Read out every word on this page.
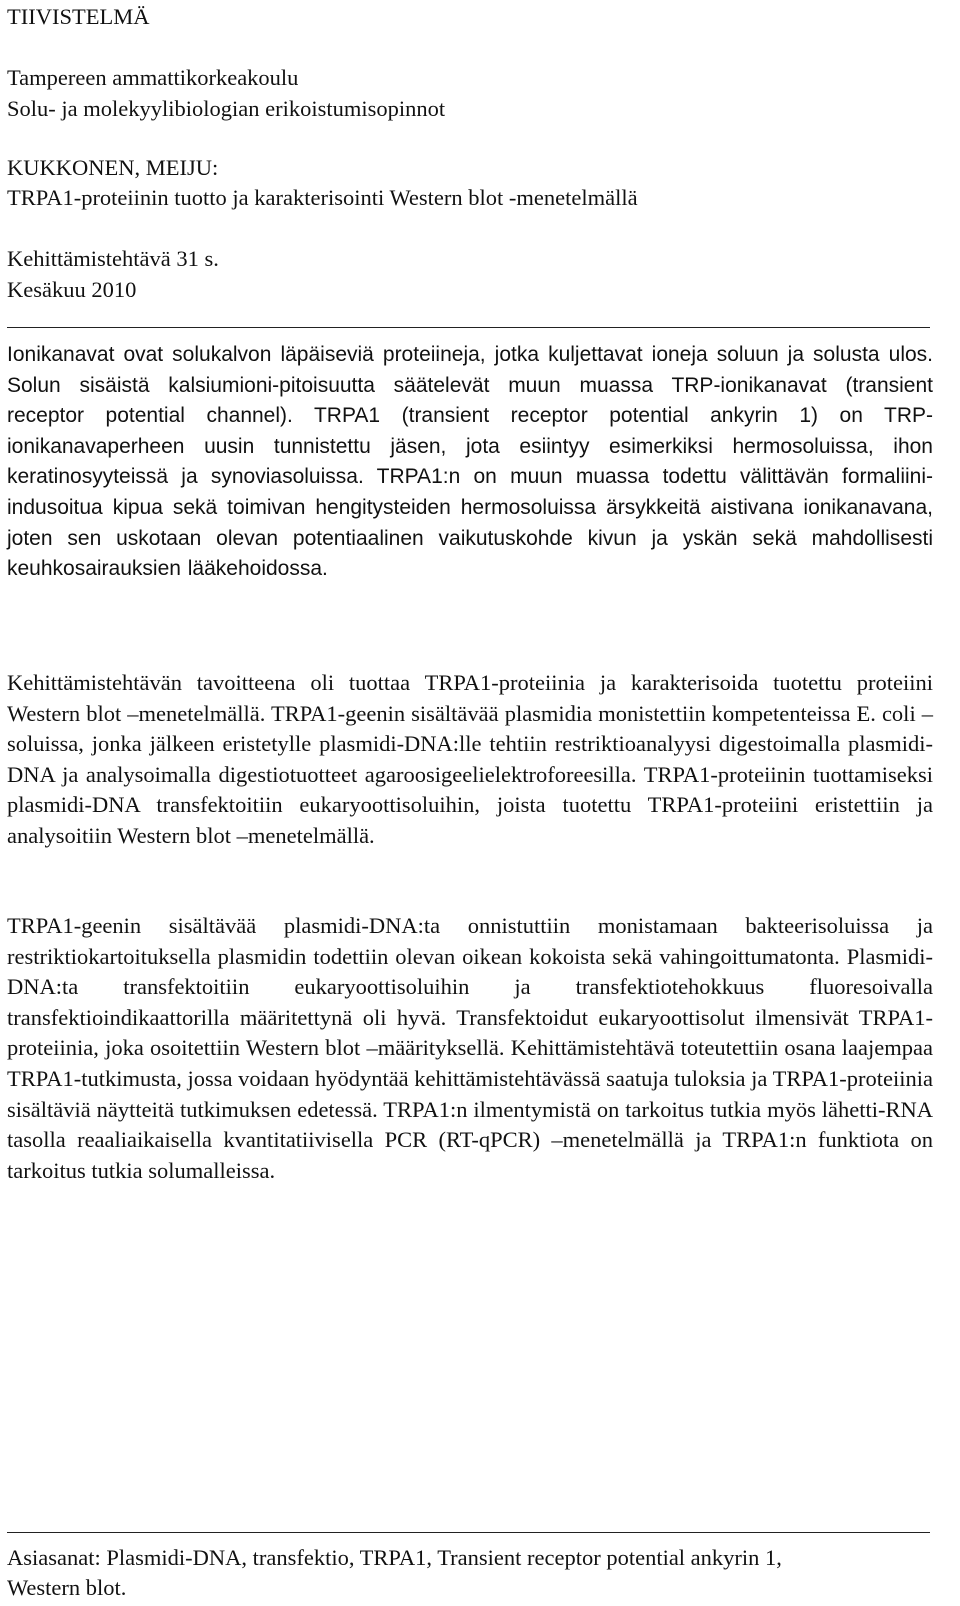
TIIVISTELMÄ
Tampereen ammattikorkeakoulu
Solu- ja molekyylibiologian erikoistumisopinnot
KUKKONEN, MEIJU:
TRPA1-proteiinin tuotto ja karakterisointi Western blot -menetelmällä
Kehittämistehtävä 31 s.
Kesäkuu 2010

Ionikanavat ovat solukalvon läpäiseviä proteiineja, jotka kuljettavat ioneja soluun ja solusta ulos. Solun sisäistä kalsiumioni-pitoisuutta säätelevät muun muassa TRP-ionikanavat (transient receptor potential channel). TRPA1 (transient receptor potential ankyrin 1) on TRP-ionikanavaperheen uusin tunnistettu jäsen, jota esiintyy esimerkiksi hermosoluissa, ihon keratinosyyteissä ja synoviasoluissa. TRPA1:n on muun muassa todettu välittävän formaliini-indusoitua kipua sekä toimivan hengitysteiden hermosoluissa ärsykkeitä aistivana ionikanavana, joten sen uskotaan olevan potentiaalinen vaikutuskohde kivun ja yskän sekä mahdollisesti keuhkosairauksien lääkehoidossa.

Kehittämistehtävän tavoitteena oli tuottaa TRPA1-proteiinia ja karakterisoida tuotettu proteiini Western blot –menetelmällä. TRPA1-geenin sisältävää plasmidia monistettiin kompetenteissa E. coli –soluissa, jonka jälkeen eristetylle plasmidi-DNA:lle tehtiin restriktioanalyysi digestoimalla plasmidi-DNA ja analysoimalla digestiotuotteet agaroosigeelielektroforeesilla. TRPA1-proteiinin tuottamiseksi plasmidi-DNA transfektoitiin eukaryoottisoluihin, joista tuotettu TRPA1-proteiini eristettiin ja analysoitiin Western blot –menetelmällä.

TRPA1-geenin sisältävää plasmidi-DNA:ta onnistuttiin monistamaan bakteerisoluissa ja restriktiokartoituksella plasmidin todettiin olevan oikean kokoista sekä vahingoittumatonta. Plasmidi-DNA:ta transfektoitiin eukaryoottisoluihin ja transfektiotehokkuus fluoresoivalla transfektioindikaattorilla määritettynä oli hyvä. Transfektoidut eukaryoottisolut ilmensivät TRPA1-proteiinia, joka osoitettiin Western blot –määrityksellä. Kehittämistehtävä toteutettiin osana laajempaa TRPA1-tutkimusta, jossa voidaan hyödyntää kehittämistehtävässä saatuja tuloksia ja TRPA1-proteiinia sisältäviä näytteitä tutkimuksen edetessä. TRPA1:n ilmentymistä on tarkoitus tutkia myös lähetti-RNA tasolla reaaliaikaisella kvantitatiivisella PCR (RT-qPCR) –menetelmällä ja TRPA1:n funktiota on tarkoitus tutkia solumalleissa.

Asiasanat: Plasmidi-DNA, transfektio, TRPA1, Transient receptor potential ankyrin 1,
Western blot.
